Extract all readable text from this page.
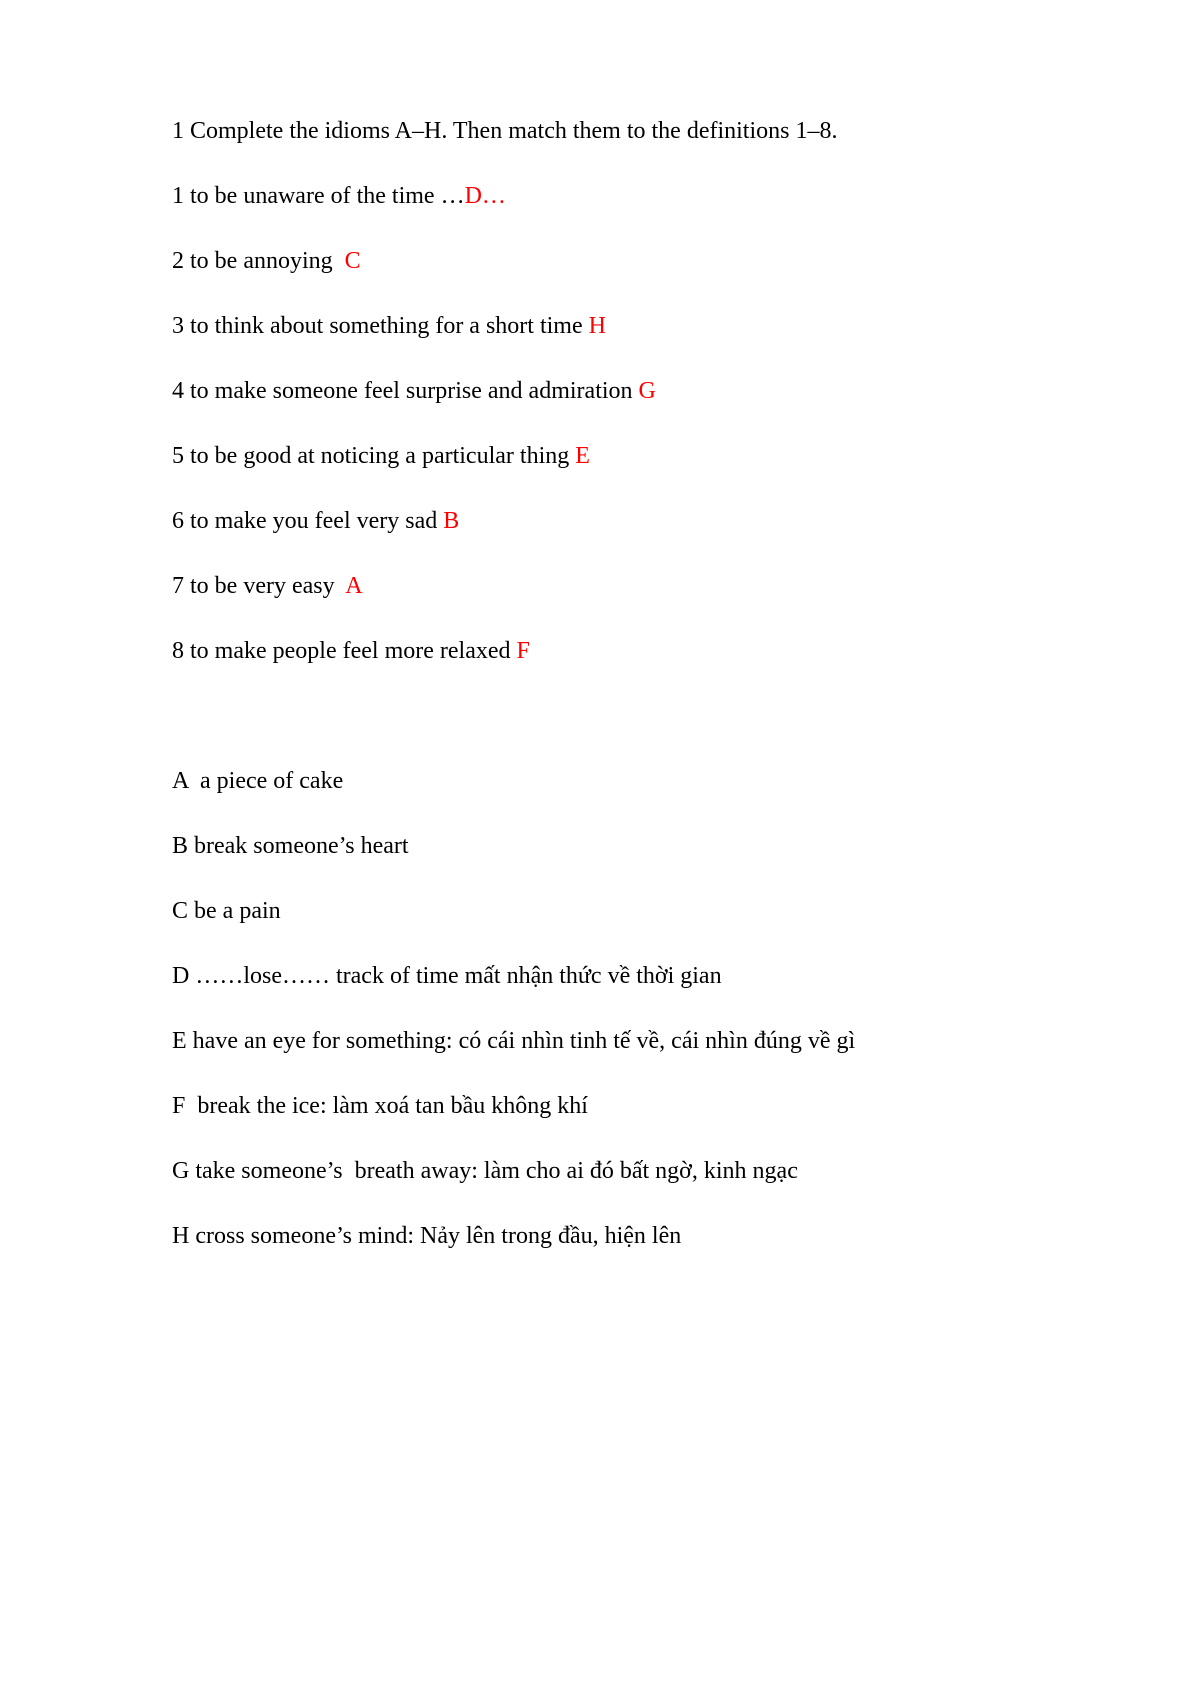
1 Complete the idioms A–H. Then match them to the definitions 1–8.
1 to be unaware of the time …D…
2 to be annoying  C
3 to think about something for a short time H
4 to make someone feel surprise and admiration G
5 to be good at noticing a particular thing E
6 to make you feel very sad B
7 to be very easy  A
8 to make people feel more relaxed F
A  a piece of cake
B break someone’s heart
C be a pain
D ……lose…… track of time mất nhận thức về thời gian
E have an eye for something: có cái nhìn tinh tế về, cái nhìn đúng về gì
F  break the ice: làm xoá tan bầu không khí
G take someone’s  breath away: làm cho ai đó bất ngờ, kinh ngạc
H cross someone’s mind: Nảy lên trong đầu, hiện lên
